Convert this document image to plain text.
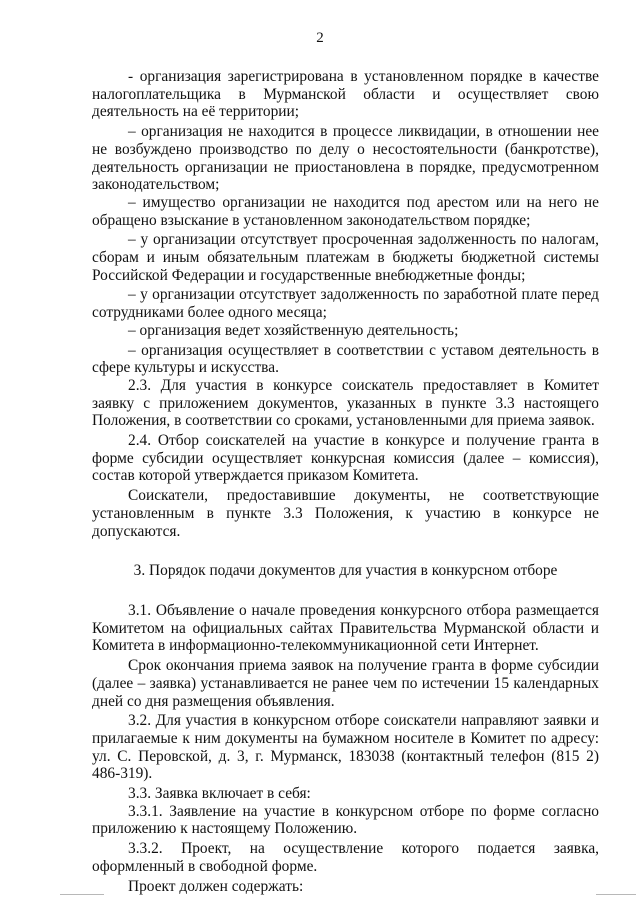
2

- организация зарегистрирована в установленном порядке в качестве налогоплательщика в Мурманской области и осуществляет свою деятельность на её территории;

– организация не находится в процессе ликвидации, в отношении нее не возбуждено производство по делу о несостоятельности (банкротстве), деятельность организации не приостановлена в порядке, предусмотренном законодательством;

– имущество организации не находится под арестом или на него не обращено взыскание в установленном законодательством порядке;

– у организации отсутствует просроченная задолженность по налогам, сборам и иным обязательным платежам в бюджеты бюджетной системы Российской Федерации и государственные внебюджетные фонды;

– у организации отсутствует задолженность по заработной плате перед сотрудниками более одного месяца;

– организация ведет хозяйственную деятельность;

– организация осуществляет в соответствии с уставом деятельность в сфере культуры и искусства.

2.3. Для участия в конкурсе соискатель предоставляет в Комитет заявку с приложением документов, указанных в пункте 3.3 настоящего Положения, в соответствии со сроками, установленными для приема заявок.

2.4. Отбор соискателей на участие в конкурсе и получение гранта в форме субсидии осуществляет конкурсная комиссия (далее – комиссия), состав которой утверждается приказом Комитета.

Соискатели, предоставившие документы, не соответствующие установленным в пункте 3.3 Положения, к участию в конкурсе не допускаются.

3. Порядок подачи документов для участия в конкурсном отборе

3.1. Объявление о начале проведения конкурсного отбора размещается Комитетом на официальных сайтах Правительства Мурманской области и Комитета в информационно-телекоммуникационной сети Интернет.

Срок окончания приема заявок на получение гранта в форме субсидии (далее – заявка) устанавливается не ранее чем по истечении 15 календарных дней со дня размещения объявления.

3.2. Для участия в конкурсном отборе соискатели направляют заявки и прилагаемые к ним документы на бумажном носителе в Комитет по адресу: ул. С. Перовской, д. 3, г. Мурманск, 183038 (контактный телефон (815 2) 486-319).

3.3. Заявка включает в себя:

3.3.1. Заявление на участие в конкурсном отборе по форме согласно приложению к настоящему Положению.

3.3.2. Проект, на осуществление которого подается заявка, оформленный в свободной форме.

Проект должен содержать:
